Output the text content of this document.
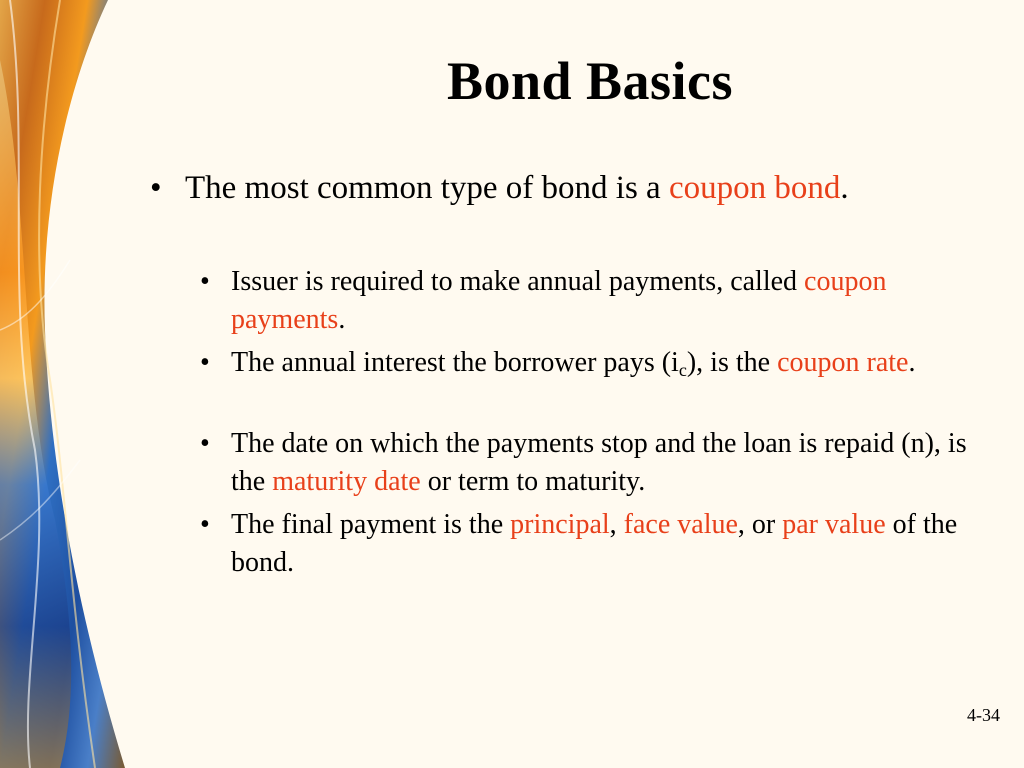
Bond Basics
• The most common type of bond is a coupon bond.
• Issuer is required to make annual payments, called coupon payments.
• The annual interest the borrower pays $(i_c)$, is the coupon rate.
• The date on which the payments stop and the loan is repaid (n), is the maturity date or term to maturity.
• The final payment is the principal, face value, or par value of the bond.
4-34
